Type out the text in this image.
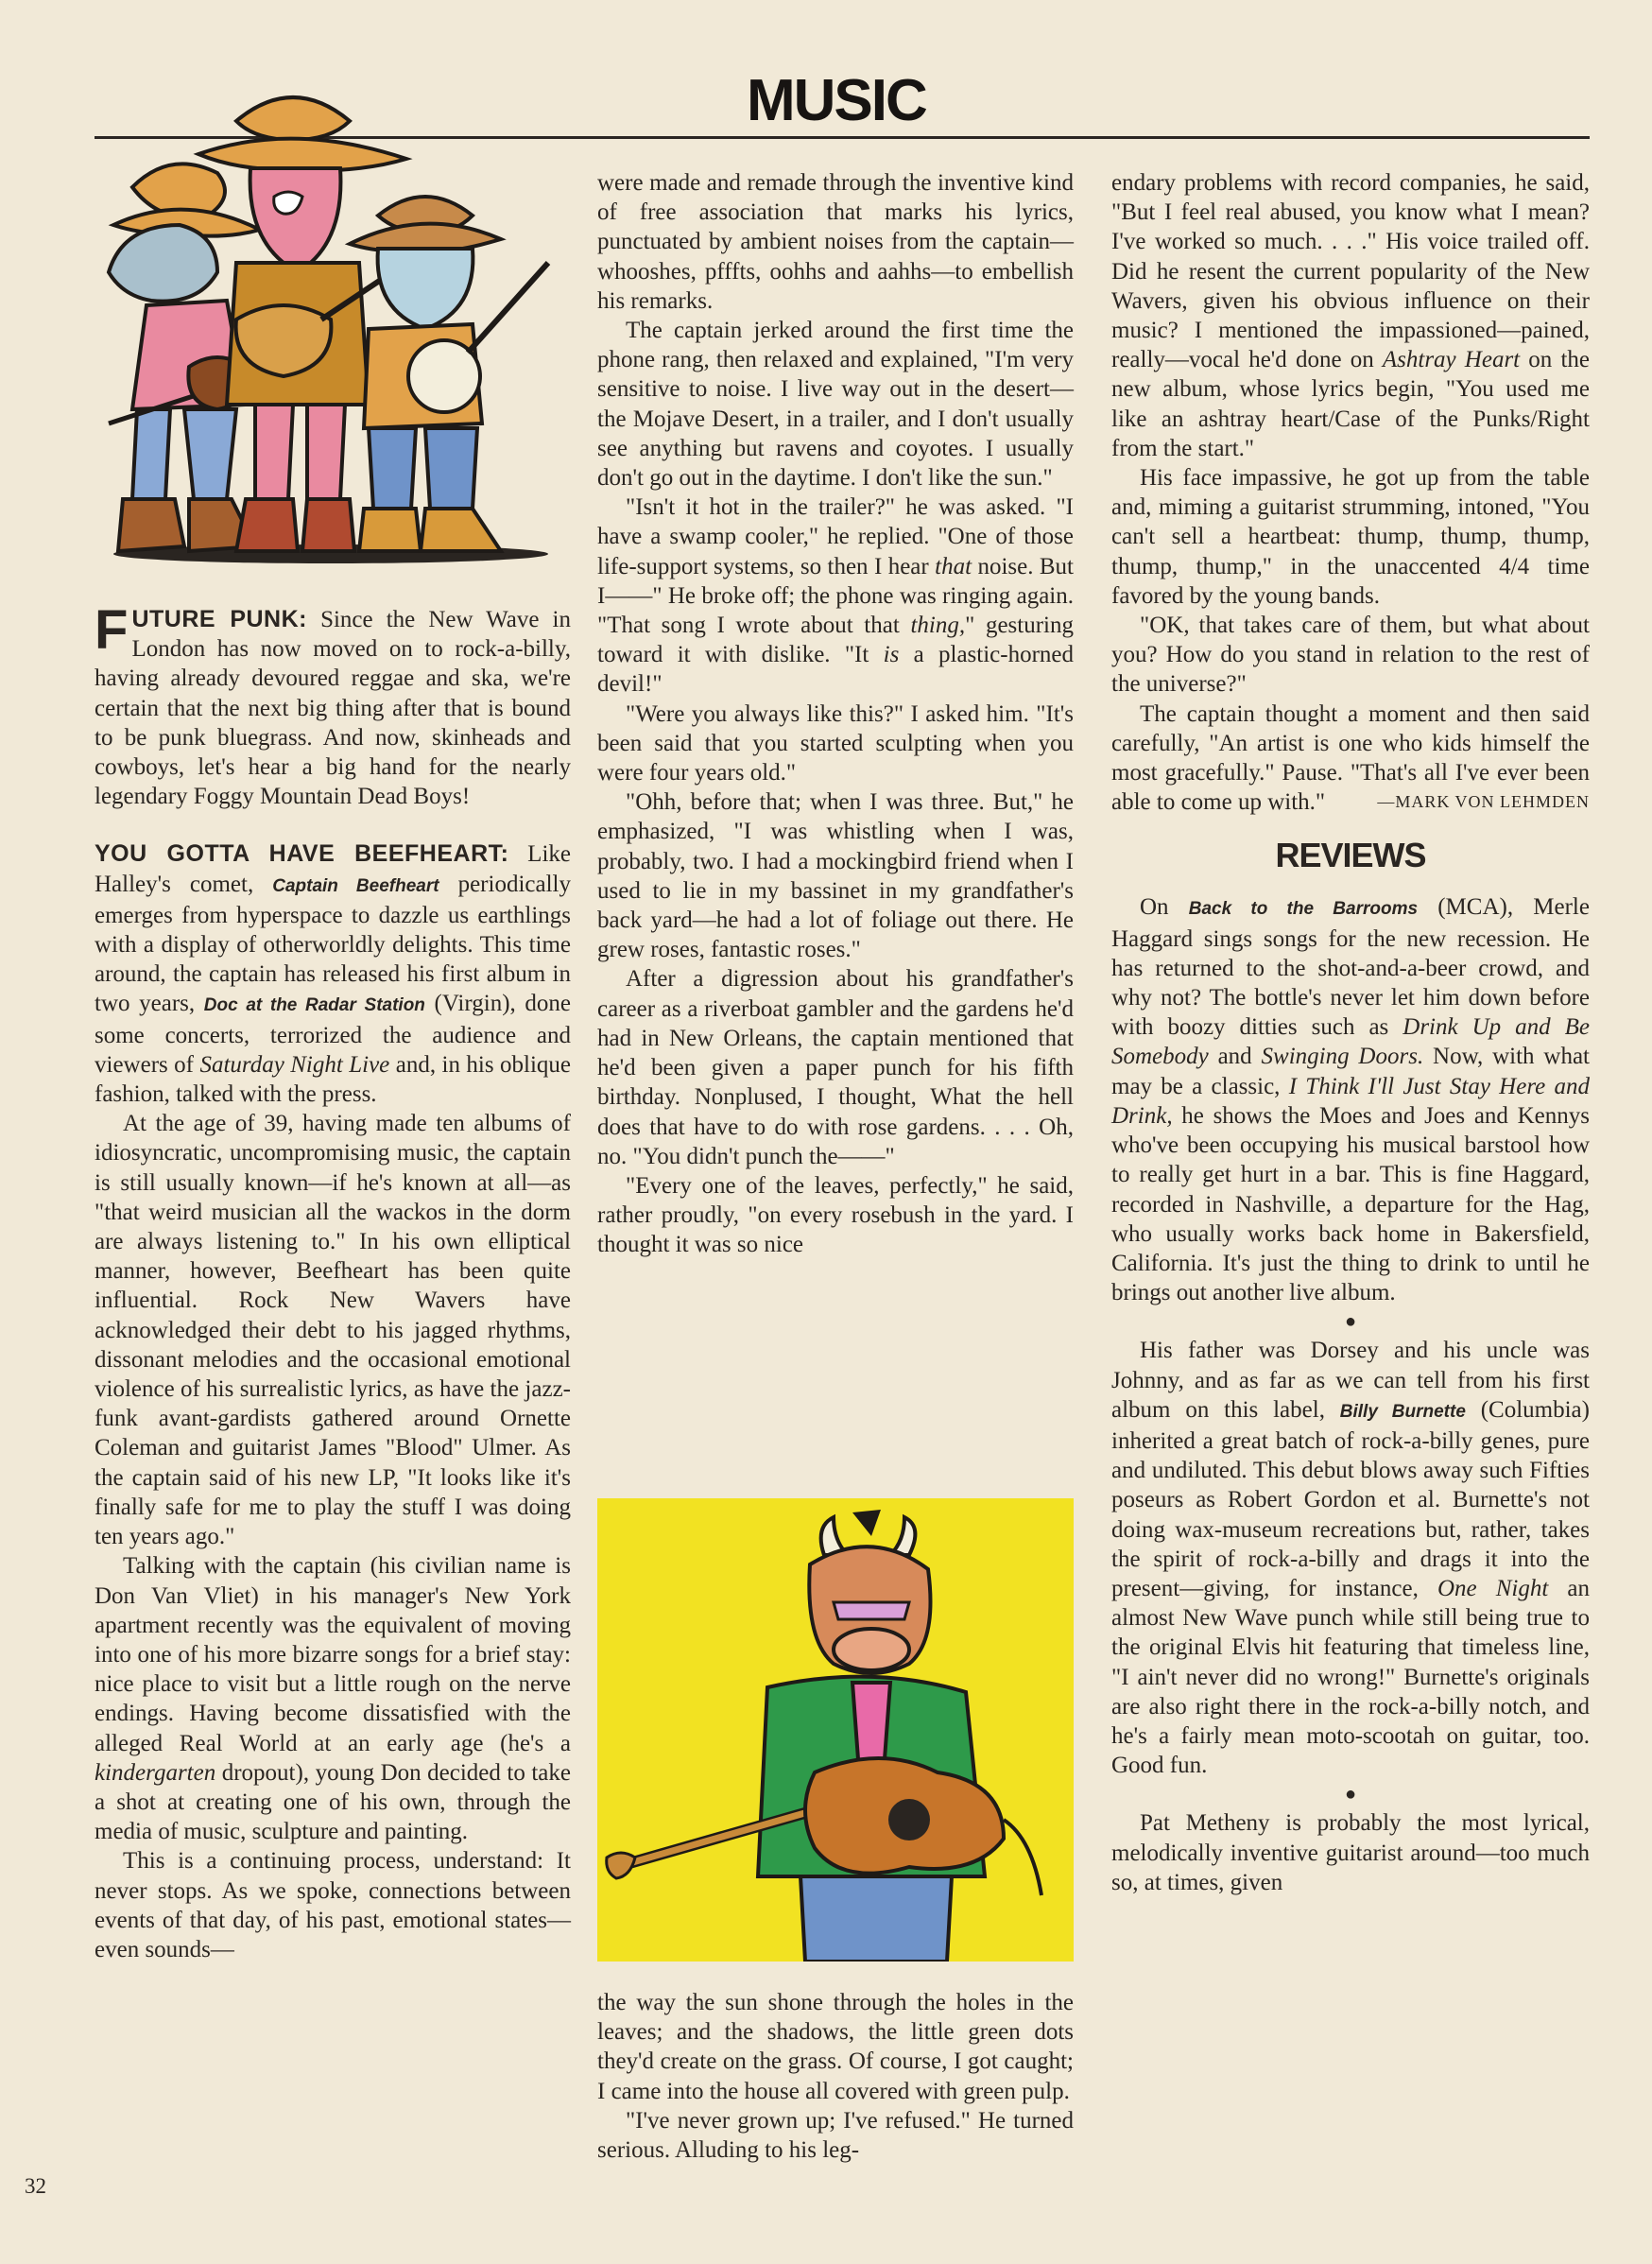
MUSIC

FUTURE PUNK: Since the New Wave in London has now moved on to rock-a-billy, having already devoured reggae and ska, we're certain that the next big thing after that is bound to be punk bluegrass. And now, skinheads and cowboys, let's hear a big hand for the nearly legendary Foggy Mountain Dead Boys!

YOU GOTTA HAVE BEEFHEART: Like Halley's comet, Captain Beefheart periodically emerges from hyperspace to dazzle us earthlings with a display of otherworldly delights. This time around, the captain has released his first album in two years, Doc at the Radar Station (Virgin), done some concerts, terrorized the audience and viewers of Saturday Night Live and, in his oblique fashion, talked with the press.

At the age of 39, having made ten albums of idiosyncratic, uncompromising music, the captain is still usually known—if he's known at all—as "that weird musician all the wackos in the dorm are always listening to." In his own elliptical manner, however, Beefheart has been quite influential. Rock New Wavers have acknowledged their debt to his jagged rhythms, dissonant melodies and the occasional emotional violence of his surrealistic lyrics, as have the jazz-funk avant-gardists gathered around Ornette Coleman and guitarist James "Blood" Ulmer. As the captain said of his new LP, "It looks like it's finally safe for me to play the stuff I was doing ten years ago."

Talking with the captain (his civilian name is Don Van Vliet) in his manager's New York apartment recently was the equivalent of moving into one of his more bizarre songs for a brief stay: nice place to visit but a little rough on the nerve endings. Having become dissatisfied with the alleged Real World at an early age (he's a kindergarten dropout), young Don decided to take a shot at creating one of his own, through the media of music, sculpture and painting.

This is a continuing process, understand: It never stops. As we spoke, connections between events of that day, of his past, emotional states—even sounds—

were made and remade through the inventive kind of free association that marks his lyrics, punctuated by ambient noises from the captain—whooshes, pfffts, oohhs and aahhs—to embellish his remarks.

The captain jerked around the first time the phone rang, then relaxed and explained, "I'm very sensitive to noise. I live way out in the desert—the Mojave Desert, in a trailer, and I don't usually see anything but ravens and coyotes. I usually don't go out in the daytime. I don't like the sun."

"Isn't it hot in the trailer?" he was asked. "I have a swamp cooler," he replied. "One of those life-support systems, so then I hear that noise. But I——" He broke off; the phone was ringing again. "That song I wrote about that thing," gesturing toward it with dislike. "It is a plastic-horned devil!"

"Were you always like this?" I asked him. "It's been said that you started sculpting when you were four years old."

"Ohh, before that; when I was three. But," he emphasized, "I was whistling when I was, probably, two. I had a mockingbird friend when I used to lie in my bassinet in my grandfather's back yard—he had a lot of foliage out there. He grew roses, fantastic roses."

After a digression about his grandfather's career as a riverboat gambler and the gardens he'd had in New Orleans, the captain mentioned that he'd been given a paper punch for his fifth birthday. Nonplused, I thought, What the hell does that have to do with rose gardens. . . . Oh, no. "You didn't punch the——"

"Every one of the leaves, perfectly," he said, rather proudly, "on every rosebush in the yard. I thought it was so nice

the way the sun shone through the holes in the leaves; and the shadows, the little green dots they'd create on the grass. Of course, I got caught; I came into the house all covered with green pulp.

"I've never grown up; I've refused." He turned serious. Alluding to his leg-

endary problems with record companies, he said, "But I feel real abused, you know what I mean? I've worked so much. . . ." His voice trailed off. Did he resent the current popularity of the New Wavers, given his obvious influence on their music? I mentioned the impassioned—pained, really—vocal he'd done on Ashtray Heart on the new album, whose lyrics begin, "You used me like an ashtray heart/Case of the Punks/Right from the start."

His face impassive, he got up from the table and, miming a guitarist strumming, intoned, "You can't sell a heartbeat: thump, thump, thump, thump, thump," in the unaccented 4/4 time favored by the young bands.

"OK, that takes care of them, but what about you? How do you stand in relation to the rest of the universe?"

The captain thought a moment and then said carefully, "An artist is one who kids himself the most gracefully." Pause. "That's all I've ever been able to come up with."	—MARK VON LEHMDEN

REVIEWS

On Back to the Barrooms (MCA), Merle Haggard sings songs for the new recession. He has returned to the shot-and-a-beer crowd, and why not? The bottle's never let him down before with boozy ditties such as Drink Up and Be Somebody and Swinging Doors. Now, with what may be a classic, I Think I'll Just Stay Here and Drink, he shows the Moes and Joes and Kennys who've been occupying his musical barstool how to really get hurt in a bar. This is fine Haggard, recorded in Nashville, a departure for the Hag, who usually works back home in Bakersfield, California. It's just the thing to drink to until he brings out another live album.

●

His father was Dorsey and his uncle was Johnny, and as far as we can tell from his first album on this label, Billy Burnette (Columbia) inherited a great batch of rock-a-billy genes, pure and undiluted. This debut blows away such Fifties poseurs as Robert Gordon et al. Burnette's not doing wax-museum recreations but, rather, takes the spirit of rock-a-billy and drags it into the present—giving, for instance, One Night an almost New Wave punch while still being true to the original Elvis hit featuring that timeless line, "I ain't never did no wrong!" Burnette's originals are also right there in the rock-a-billy notch, and he's a fairly mean moto-scootah on guitar, too. Good fun.

●

Pat Metheny is probably the most lyrical, melodically inventive guitarist around—too much so, at times, given

32
